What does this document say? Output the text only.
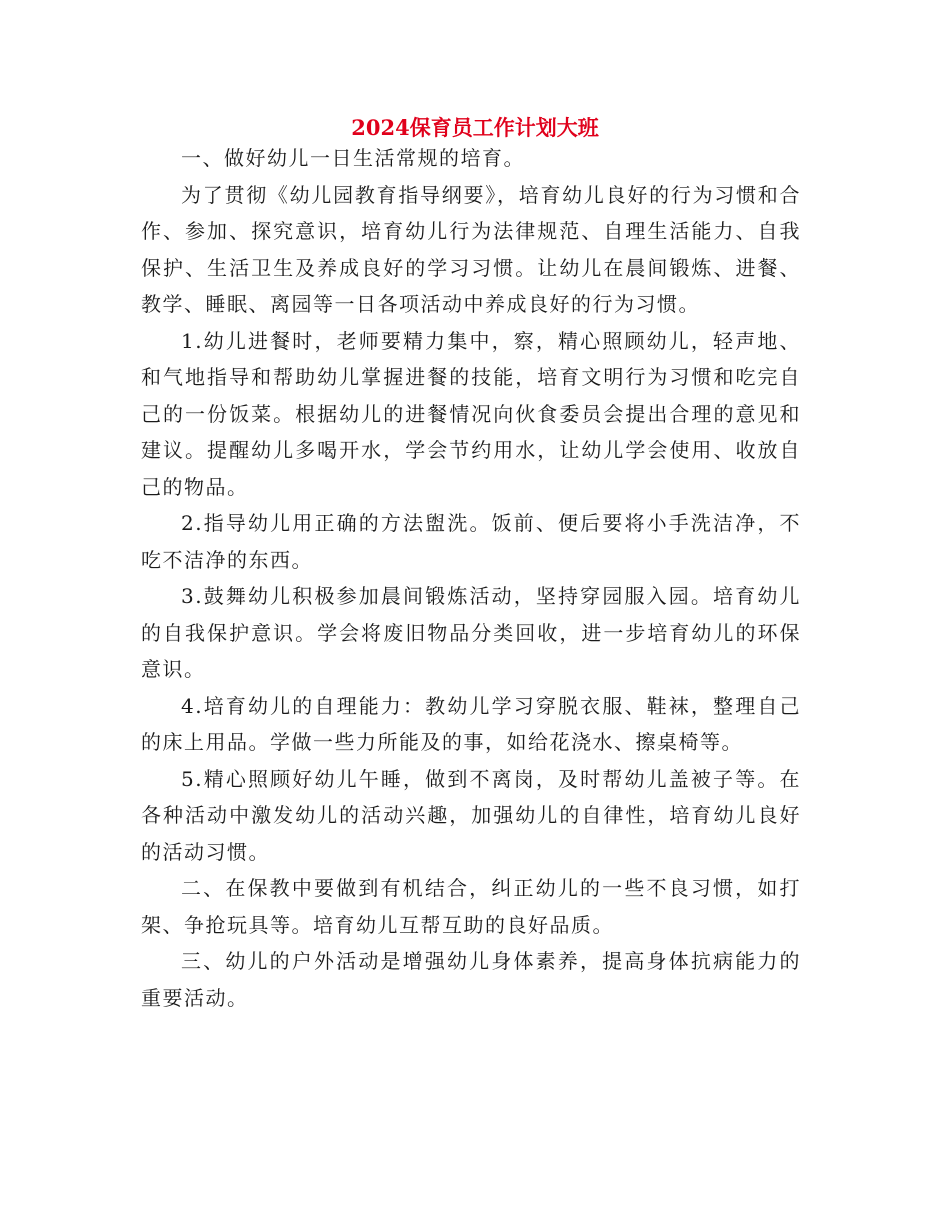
2024保育员工作计划大班

一、做好幼儿一日生活常规的培育。

为了贯彻《幼儿园教育指导纲要》，培育幼儿良好的行为习惯和合作、参加、探究意识，培育幼儿行为法律规范、自理生活能力、自我保护、生活卫生及养成良好的学习习惯。让幼儿在晨间锻炼、进餐、教学、睡眠、离园等一日各项活动中养成良好的行为习惯。

1.幼儿进餐时，老师要精力集中，察，精心照顾幼儿，轻声地、和气地指导和帮助幼儿掌握进餐的技能，培育文明行为习惯和吃完自己的一份饭菜。根据幼儿的进餐情况向伙食委员会提出合理的意见和建议。提醒幼儿多喝开水，学会节约用水，让幼儿学会使用、收放自己的物品。

2.指导幼儿用正确的方法盥洗。饭前、便后要将小手洗洁净，不吃不洁净的东西。

3.鼓舞幼儿积极参加晨间锻炼活动，坚持穿园服入园。培育幼儿的自我保护意识。学会将废旧物品分类回收，进一步培育幼儿的环保意识。

4.培育幼儿的自理能力：教幼儿学习穿脱衣服、鞋袜，整理自己的床上用品。学做一些力所能及的事，如给花浇水、擦桌椅等。

5.精心照顾好幼儿午睡，做到不离岗，及时帮幼儿盖被子等。在各种活动中激发幼儿的活动兴趣，加强幼儿的自律性，培育幼儿良好的活动习惯。

二、在保教中要做到有机结合，纠正幼儿的一些不良习惯，如打架、争抢玩具等。培育幼儿互帮互助的良好品质。

三、幼儿的户外活动是增强幼儿身体素养，提高身体抗病能力的重要活动。
